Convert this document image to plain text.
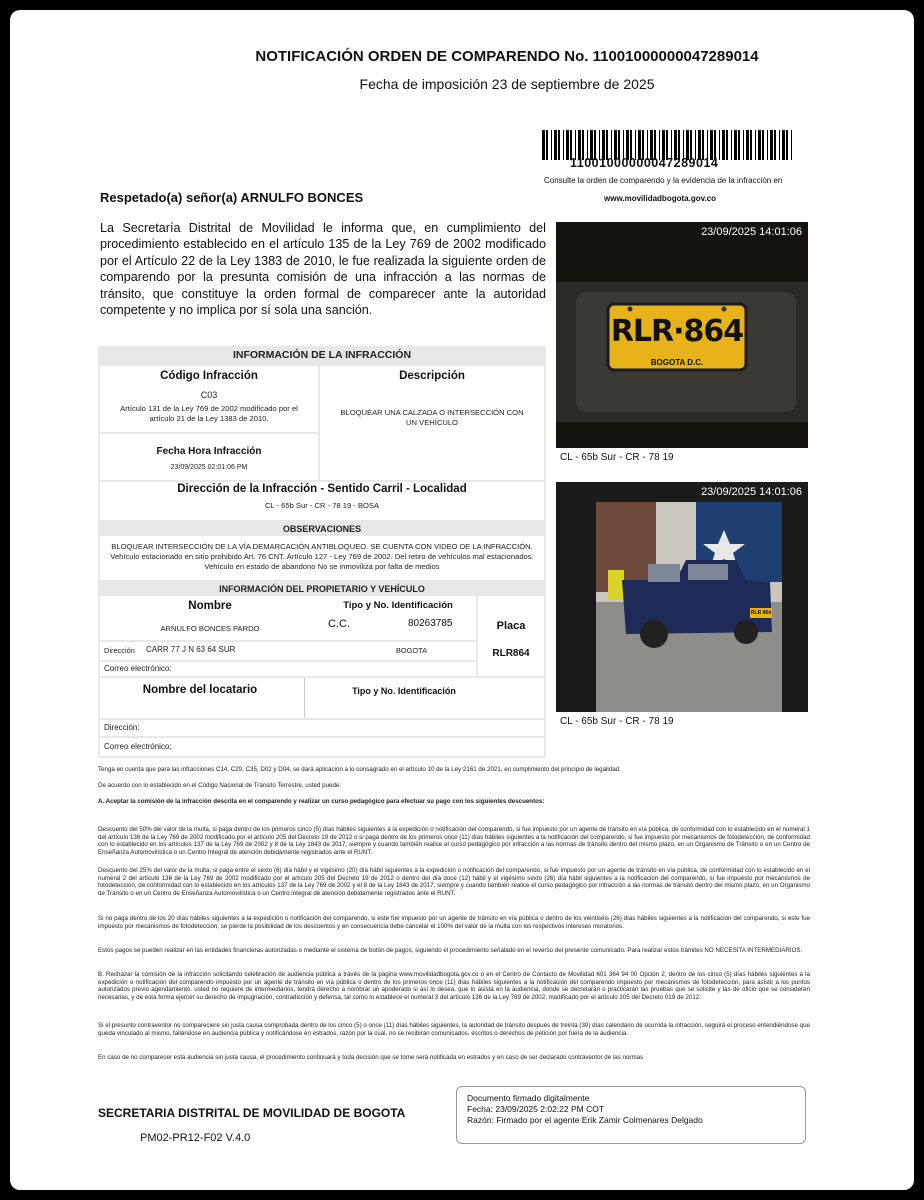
NOTIFICACIÓN ORDEN DE COMPARENDO No. 11001000000047289014
Fecha de imposición 23 de septiembre de 2025
11001000000047289014
Consulte la orden de comparendo y la evidencia de la infracción en
www.movilidadbogota.gov.co
Respetado(a) señor(a) ARNULFO BONCES
La Secretaría Distrital de Movilidad le informa que, en cumplimiento del procedimiento establecido en el artículo 135 de la Ley 769 de 2002 modificado por el Artículo 22 de la Ley 1383 de 2010, le fue realizada la siguiente orden de comparendo por la presunta comisión de una infracción a las normas de tránsito, que constituye la orden formal de comparecer ante la autoridad competente y no implica por sí sola una sanción.
23/09/2025 14:01:06
RLR·864
BOGOTA D.C.
CL - 65b Sur - CR - 78 19
23/09/2025 14:01:06
RLR 864
CL - 65b Sur - CR - 78 19
INFORMACIÓN DE LA INFRACCIÓN
Código Infracción
C03
Artículo 131 de la Ley 769 de 2002 modificado por el artículo 21 de la Ley 1383 de 2010.
Descripción
BLOQUEAR UNA CALZADA O INTERSECCIÓN CON UN VEHÍCULO
Fecha Hora Infracción
23/09/2025 02:01:06 PM
Dirección de la Infracción - Sentido Carril - Localidad
CL - 65b Sur - CR - 78 19 - BOSA
OBSERVACIONES
BLOQUEAR INTERSECCIÓN DE LA VÍA DEMARCACIÓN ANTIBLOQUEO. SE CUENTA CON VIDEO DE LA INFRACCIÓN. Vehículo estacionado en sitio prohibido Art. 76 CNT. Artículo 127 - Ley 769 de 2002. Del retiro de vehículos mal estacionados. Vehículo en estado de abandono No se inmoviliza por falta de medios
INFORMACIÓN DEL PROPIETARIO Y VEHÍCULO
Nombre
ARNULFO BONCES PARDO
Tipo y No. Identificación
C.C.	80263785	Placa
RLR864
Dirección CARR 77 J N 63 64 SUR	BOGOTA
Correo electrónico:
Nombre del locatario	Tipo y No. Identificación
Dirección:
Correo electrónico:
Tenga en cuenta que para las infracciones C14, C29, C35, D02 y D04, se dará aplicación a lo consagrado en el artículo 10 de la Ley 2161 de 2021, en cumplimiento del principio de legalidad.
De acuerdo con lo establecido en el Código Nacional de Tránsito Terrestre, usted puede:
A. Aceptar la comisión de la infracción descrita en el comparendo y realizar un curso pedagógico para efectuar su pago con los siguientes descuentos:
Descuento del 50% del valor de la multa, si paga dentro de los primeros cinco (5) días hábiles siguientes a la expedición o notificación del comparendo, si fue impuesto por un agente de tránsito en vía pública, de conformidad con lo establecido en el numeral 1 del artículo 136 de la Ley 769 de 2002 modificado por el artículo 205 del Decreto 19 de 2012 o si paga dentro de los primeros once (11) días hábiles siguientes a la notificación del comparendo, si fue impuesto por mecanismos de fotodetección, de conformidad con lo establecido en los artículos 137 de la Ley 769 de 2002 y 8 de la Ley 1843 de 2017, siempre y cuando también realice el curso pedagógico por infracción a las normas de tránsito dentro del mismo plazo, en un Organismo de Tránsito o en un Centro de Enseñanza Automovilística o un Centro Integral de atención debidamente registrados ante el RUNT.
Descuento del 25% del valor de la multa, si paga entre el sexto (6) día hábil y el vigésimo (20) día hábil siguientes a la expedición o notificación del comparendo, si fue impuesto por un agente de tránsito en vía pública, de conformidad con lo establecido en el numeral 2 del artículo 136 de la Ley 769 de 2002 modificado por el artículo 205 del Decreto 19 de 2012 o dentro del día doce (12) hábil y el vigésimo sexto (26) día hábil siguientes a la notificación del comparendo, si fue impuesto por mecanismos de fotodetección, de conformidad con lo establecido en los artículos 137 de la Ley 769 de 2002 y el 8 de la Ley 1843 de 2017, siempre y cuando también realice el curso pedagógico por infracción a las normas de tránsito dentro del mismo plazo, en un Organismo de Tránsito o en un Centro de Enseñanza Automovilística o un Centro integral de atención debidamente registrados ante el RUNT.
Si no paga dentro de los 20 días hábiles siguientes a la expedición o notificación del comparendo, si este fue impuesto por un agente de tránsito en vía pública o dentro de los veintiséis (26) días hábiles siguientes a la notificación del comparendo, si este fue impuesto por mecanismos de fotodetección, se pierde la posibilidad de los descuentos y en consecuencia debe cancelar el 100% del valor de la multa con los respectivos intereses moratorios.
Estos pagos se pueden realizar en las entidades financieras autorizadas o mediante el sistema de botón de pagos, siguiendo el procedimiento señalado en el reverso del presente comunicado. Para realizar estos trámites NO NECESITA INTERMEDIARIOS.
B. Rechazar la comisión de la infracción solicitando celebración de audiencia pública a través de la página www.movilidadbogota.gov.co o en el Centro de Contacto de Movilidad 601 364 94 00 Opción 2, dentro de los cinco (5) días hábiles siguientes a la expedición o notificación del comparendo impuesto por un agente de tránsito en vía pública o dentro de los primeros once (11) días hábiles siguientes a la notificación del comparendo impuesto por mecanismos de fotodetección, para asistir a los puntos autorizados previo agendamiento. usted no requiere de intermediarios, tendrá derecho a nombrar un apoderado si así lo desea, que lo asista en la audiencia, donde se decretarán o practicarán las pruebas que se solicite y las de oficio que se consideren necesarias, y de esta forma ejercer su derecho de impugnación, contradicción y defensa, tal como lo establece el numeral 3 del artículo 136 de la Ley 769 de 2002, modificado por el artículo 205 del Decreto 019 de 2012.
Si el presunto contraventor no compareciere sin justa causa comprobada dentro de los cinco (5) o once (11) días hábiles siguientes, la autoridad de tránsito después de treinta (30) días calendario de ocurrida la infracción, seguirá el proceso entendiéndose que queda vinculado al mismo, fallándose en audiencia pública y notificándose en estrados, razón por la cual, no se recibirán comunicados, escritos o derechos de petición por fuera de la audiencia.
En caso de no comparecer esta audiencia sin justa causa, el procedimiento continuará y toda decisión que se tome será notificada en estrados y en caso de ser declarado contraventor de las normas
SECRETARIA DISTRITAL DE MOVILIDAD DE BOGOTA
PM02-PR12-F02 V.4.0
Documento firmado digitalmente
Fecha: 23/09/2025 2:02:22 PM COT
Razón: Firmado por el agente Erik Zamir Colmenares Delgado
